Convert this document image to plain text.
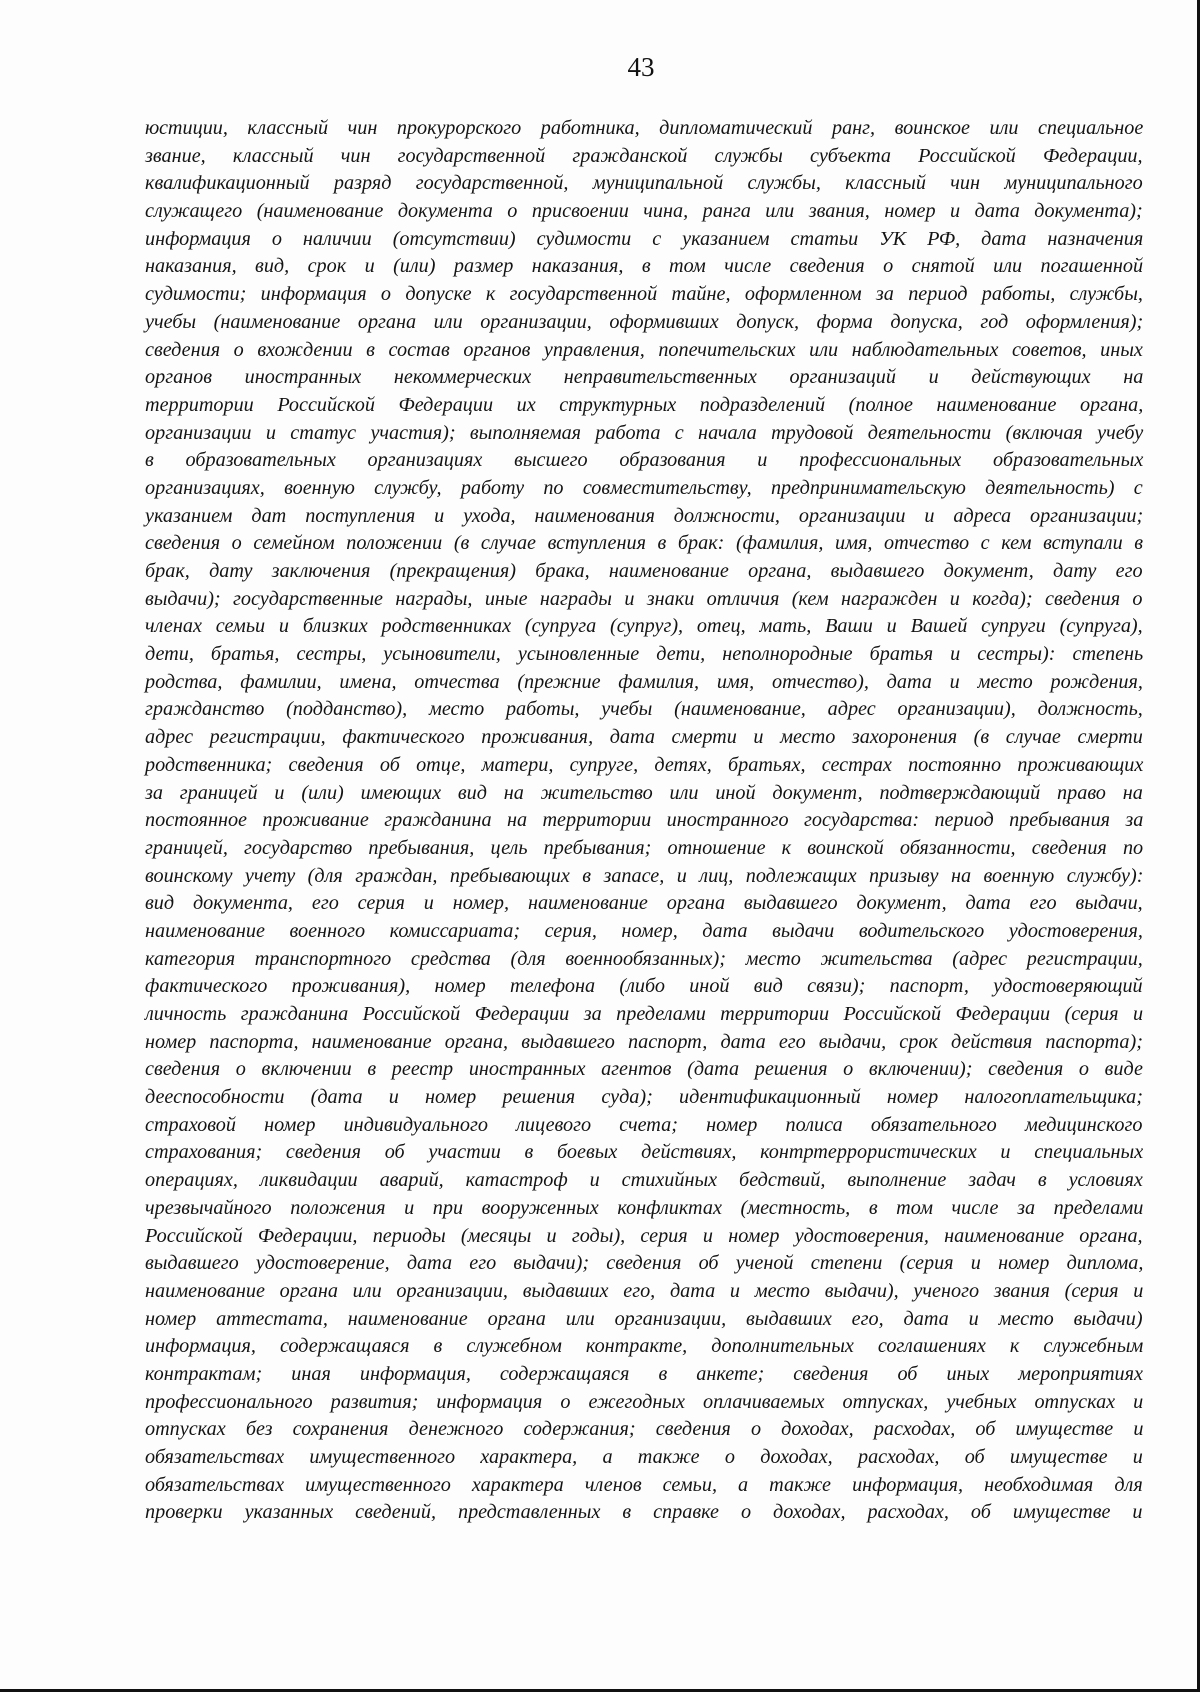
43
юстиции, классный чин прокурорского работника, дипломатический ранг, воинское или специальное
звание, классный чин государственной гражданской службы субъекта Российской Федерации,
квалификационный разряд государственной, муниципальной службы, классный чин муниципального
служащего (наименование документа о присвоении чина, ранга или звания, номер и дата документа);
информация о наличии (отсутствии) судимости с указанием статьи УК РФ, дата назначения
наказания, вид, срок и (или) размер наказания, в том числе сведения о снятой или погашенной
судимости; информация о допуске к государственной тайне, оформленном за период работы, службы,
учебы (наименование органа или организации, оформивших допуск, форма допуска, год оформления);
сведения о вхождении в состав органов управления, попечительских или наблюдательных советов, иных
органов иностранных некоммерческих неправительственных организаций и действующих на
территории Российской Федерации их структурных подразделений (полное наименование органа,
организации и статус участия); выполняемая работа с начала трудовой деятельности (включая учебу
в образовательных организациях высшего образования и профессиональных образовательных
организациях, военную службу, работу по совместительству, предпринимательскую деятельность) с
указанием дат поступления и ухода, наименования должности, организации и адреса организации;
сведения о семейном положении (в случае вступления в брак: (фамилия, имя, отчество с кем вступали в
брак, дату заключения (прекращения) брака, наименование органа, выдавшего документ, дату его
выдачи); государственные награды, иные награды и знаки отличия (кем награжден и когда); сведения о
членах семьи и близких родственниках (супруга (супруг), отец, мать, Ваши и Вашей супруги (супруга),
дети, братья, сестры, усыновители, усыновленные дети, неполнородные братья и сестры): степень
родства, фамилии, имена, отчества (прежние фамилия, имя, отчество), дата и место рождения,
гражданство (подданство), место работы, учебы (наименование, адрес организации), должность,
адрес регистрации, фактического проживания, дата смерти и место захоронения (в случае смерти
родственника; сведения об отце, матери, супруге, детях, братьях, сестрах постоянно проживающих
за границей и (или) имеющих вид на жительство или иной документ, подтверждающий право на
постоянное проживание гражданина на территории иностранного государства: период пребывания за
границей, государство пребывания, цель пребывания; отношение к воинской обязанности, сведения по
воинскому учету (для граждан, пребывающих в запасе, и лиц, подлежащих призыву на военную службу):
вид документа, его серия и номер, наименование органа выдавшего документ, дата его выдачи,
наименование военного комиссариата; серия, номер, дата выдачи водительского удостоверения,
категория транспортного средства (для военнообязанных); место жительства (адрес регистрации,
фактического проживания), номер телефона (либо иной вид связи); паспорт, удостоверяющий
личность гражданина Российской Федерации за пределами территории Российской Федерации (серия и
номер паспорта, наименование органа, выдавшего паспорт, дата его выдачи, срок действия паспорта);
сведения о включении в реестр иностранных агентов (дата решения о включении); сведения о виде
дееспособности (дата и номер решения суда); идентификационный номер налогоплательщика;
страховой номер индивидуального лицевого счета; номер полиса обязательного медицинского
страхования; сведения об участии в боевых действиях, контртеррористических и специальных
операциях, ликвидации аварий, катастроф и стихийных бедствий, выполнение задач в условиях
чрезвычайного положения и при вооруженных конфликтах (местность, в том числе за пределами
Российской Федерации, периоды (месяцы и годы), серия и номер удостоверения, наименование органа,
выдавшего удостоверение, дата его выдачи); сведения об ученой степени (серия и номер диплома,
наименование органа или организации, выдавших его, дата и место выдачи), ученого звания (серия и
номер аттестата, наименование органа или организации, выдавших его, дата и место выдачи)
информация, содержащаяся в служебном контракте, дополнительных соглашениях к служебным
контрактам; иная информация, содержащаяся в анкете; сведения об иных мероприятиях
профессионального развития; информация о ежегодных оплачиваемых отпусках, учебных отпусках и
отпусках без сохранения денежного содержания; сведения о доходах, расходах, об имуществе и
обязательствах имущественного характера, а также о доходах, расходах, об имуществе и
обязательствах имущественного характера членов семьи, а также информация, необходимая для
проверки указанных сведений, представленных в справке о доходах, расходах, об имуществе и
